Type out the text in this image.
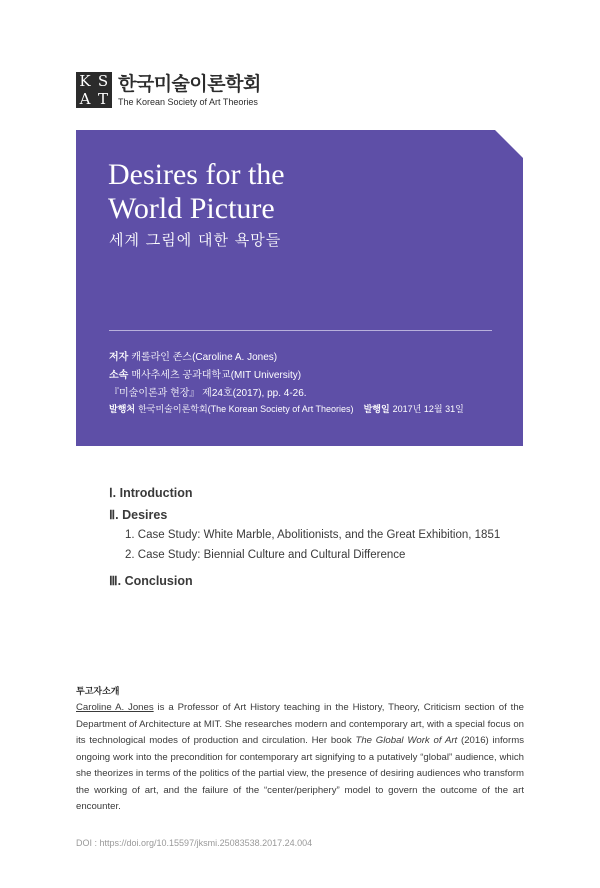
K S
A T
한국미술이론학회
The Korean Society of Art Theories
Desires for the
World Picture
세계 그림에 대한 욕망들
저자 캐롤라인 존스(Caroline A. Jones)
소속 매사추세츠 공과대학교(MIT University)
『미술이론과 현장』 제24호(2017), pp. 4-26.
발행처 한국미술이론학회(The Korean Society of Art Theories) 발행일 2017년 12월 31일
Ⅰ. Introduction
Ⅱ. Desires
1. Case Study: White Marble, Abolitionists, and the Great Exhibition, 1851
2. Case Study: Biennial Culture and Cultural Difference
Ⅲ. Conclusion
투고자소개
Caroline A. Jones is a Professor of Art History teaching in the History, Theory, Criticism section of the Department of Architecture at MIT. She researches modern and contemporary art, with a special focus on its technological modes of production and circulation. Her book The Global Work of Art (2016) informs ongoing work into the precondition for contemporary art signifying to a putatively “global” audience, which she theorizes in terms of the politics of the partial view, the presence of desiring audiences who transform the working of art, and the failure of the “center/periphery” model to govern the outcome of the art encounter.
DOI : https://doi.org/10.15597/jksmi.25083538.2017.24.004
